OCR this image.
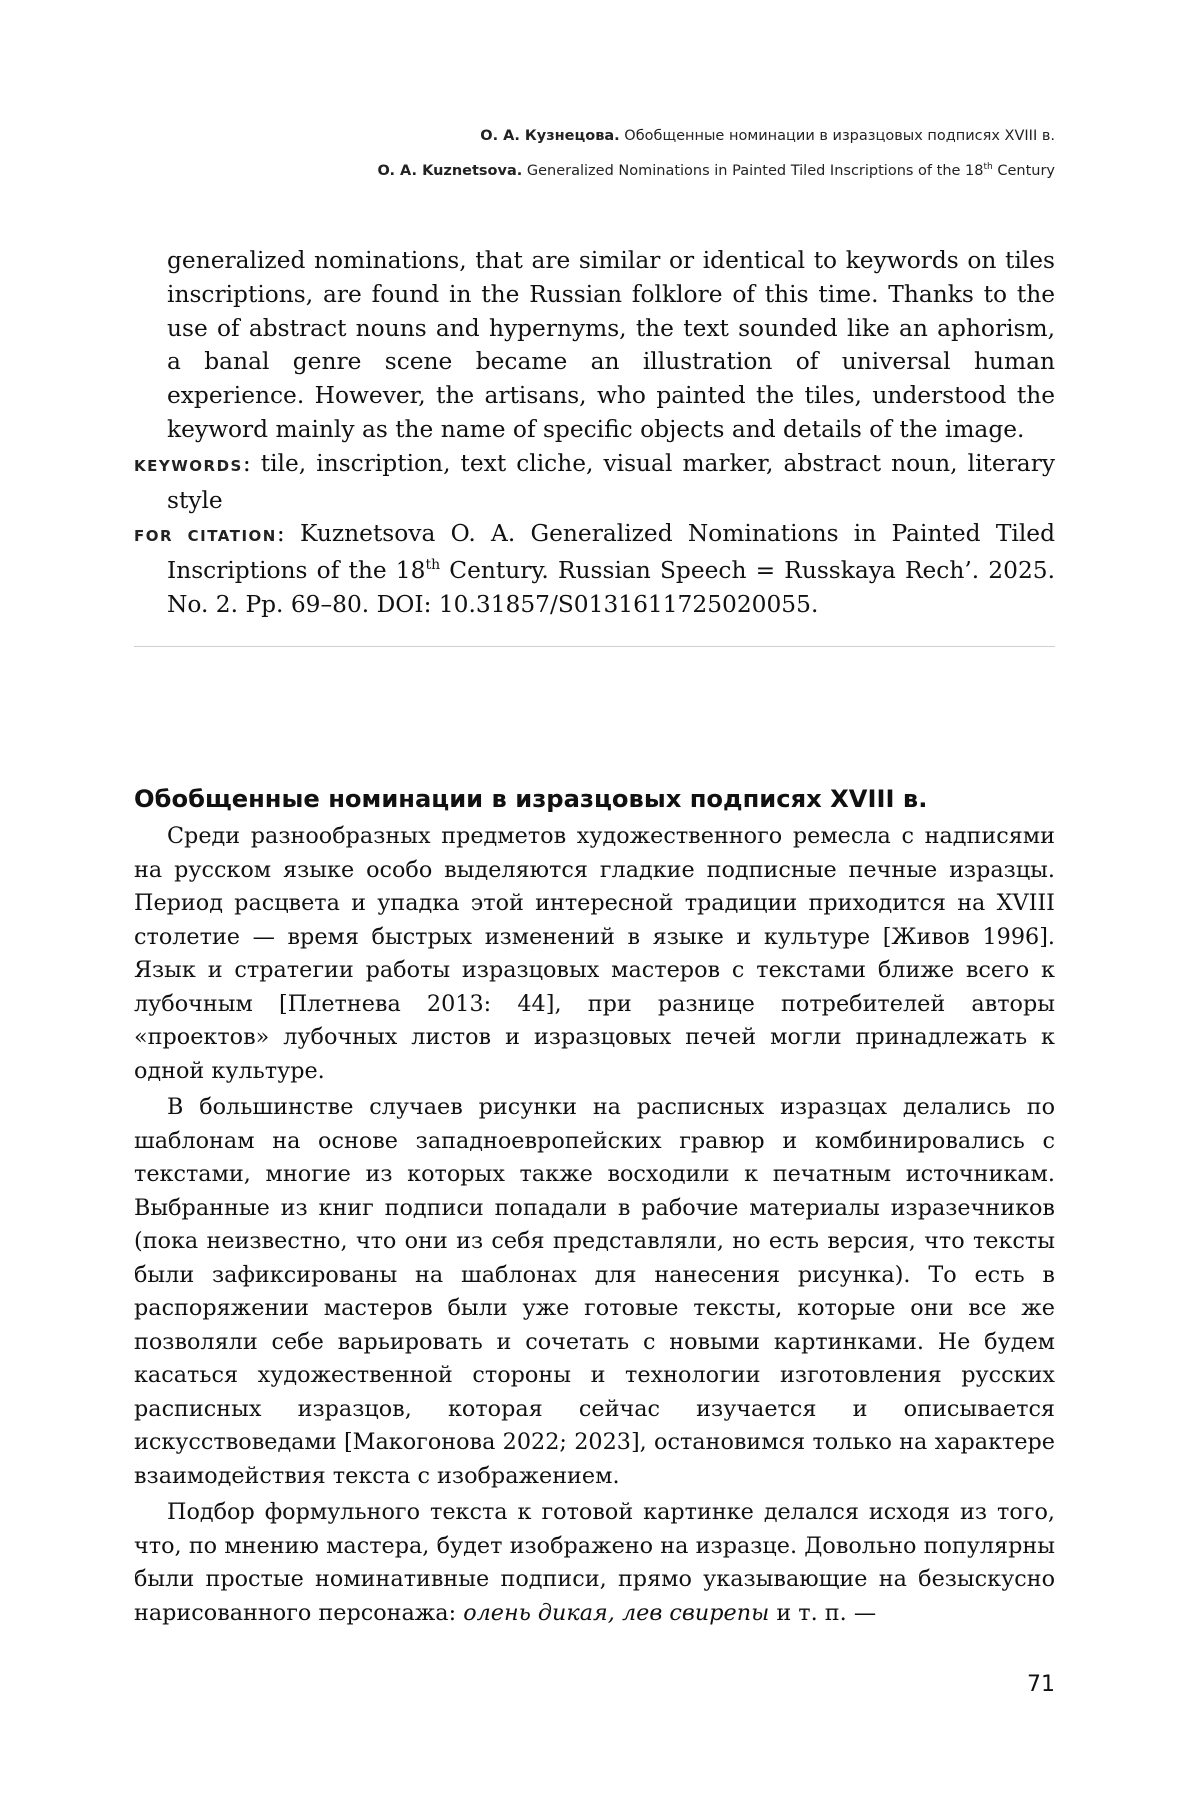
О. А. Кузнецова. Обобщенные номинации в изразцовых подписях XVIII в.
O. A. Kuznetsova. Generalized Nominations in Painted Tiled Inscriptions of the 18th Century

generalized nominations, that are similar or identical to keywords on tiles inscriptions, are found in the Russian folklore of this time. Thanks to the use of abstract nouns and hypernyms, the text sounded like an aphorism, a banal genre scene became an illustration of universal human experience. However, the artisans, who painted the tiles, understood the keyword mainly as the name of specific objects and details of the image.

KEYWORDS: tile, inscription, text cliche, visual marker, abstract noun, literary style

FOR CITATION: Kuznetsova O. A. Generalized Nominations in Painted Tiled Inscriptions of the 18th Century. Russian Speech = Russkaya Rech’. 2025. No. 2. Pp. 69–80. DOI: 10.31857/S0131611725020055.

Обобщенные номинации в изразцовых подписях XVIII в.

Среди разнообразных предметов художественного ремесла с надписями на русском языке особо выделяются гладкие подписные печные изразцы. Период расцвета и упадка этой интересной традиции приходится на XVIII столетие — время быстрых изменений в языке и культуре [Живов 1996]. Язык и стратегии работы изразцовых мастеров с текстами ближе всего к лубочным [Плетнева 2013: 44], при разнице потребителей авторы «проектов» лубочных листов и изразцовых печей могли принадлежать к одной культуре.

В большинстве случаев рисунки на расписных изразцах делались по шаблонам на основе западноевропейских гравюр и комбинировались с текстами, многие из которых также восходили к печатным источникам. Выбранные из книг подписи попадали в рабочие материалы изразечников (пока неизвестно, что они из себя представляли, но есть версия, что тексты были зафиксированы на шаблонах для нанесения рисунка). То есть в распоряжении мастеров были уже готовые тексты, которые они все же позволяли себе варьировать и сочетать с новыми картинками. Не будем касаться художественной стороны и технологии изготовления русских расписных изразцов, которая сейчас изучается и описывается искусствоведами [Макогонова 2022; 2023], остановимся только на характере взаимодействия текста с изображением.

Подбор формульного текста к готовой картинке делался исходя из того, что, по мнению мастера, будет изображено на изразце. Довольно популярны были простые номинативные подписи, прямо указывающие на безыскусно нарисованного персонажа: олень дикая, лев свирепы и т. п. —

71
